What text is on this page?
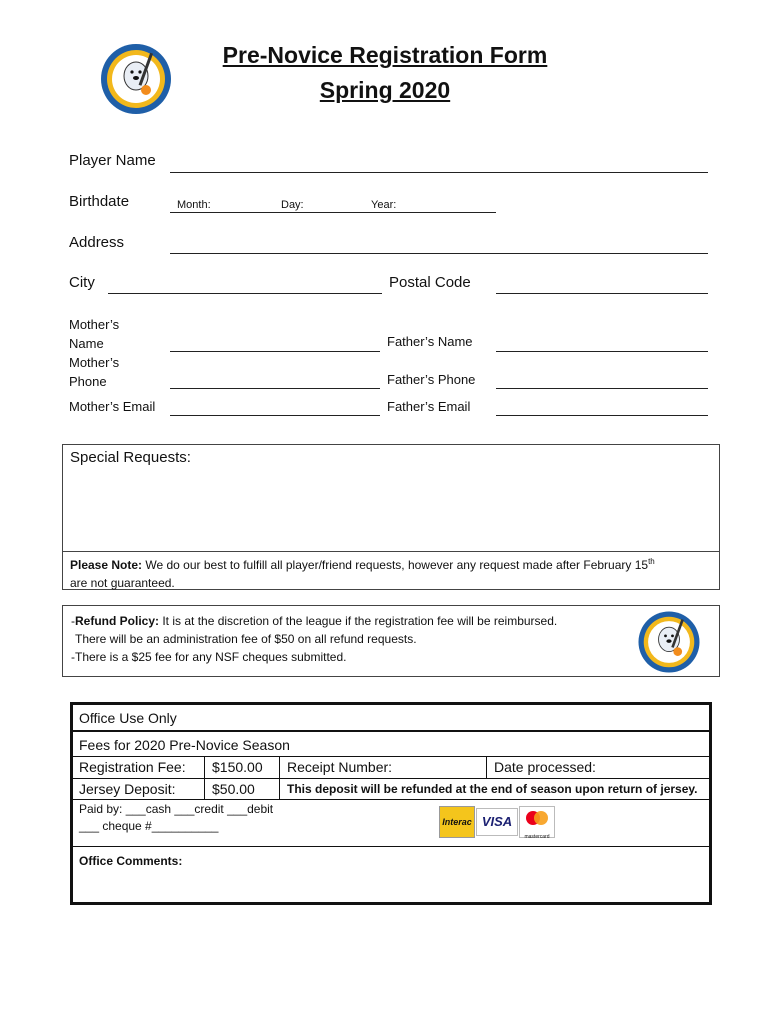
Pre-Novice Registration Form
Spring 2020
Player Name
Birthdate	Month:	Day:	Year:
Address
City	Postal Code
Mother’s
Name	Father’s Name
Mother’s
Phone	Father’s Phone
Mother’s Email	Father’s Email
Special Requests:
Please Note: We do our best to fulfill all player/friend requests, however any request made after February 15th
are not guaranteed.
-Refund Policy: It is at the discretion of the league if the registration fee will be reimbursed.
There will be an administration fee of $50 on all refund requests.
-There is a $25 fee for any NSF cheques submitted.
Office Use Only
Fees for 2020 Pre-Novice Season
Registration Fee:	$150.00	Receipt Number:	Date processed:
Jersey Deposit:	$50.00	This deposit will be refunded at the end of season upon return of jersey.
Paid by: ___cash ___credit ___debit
___ cheque #__________	Interac VISA
mastercard
Office Comments:
